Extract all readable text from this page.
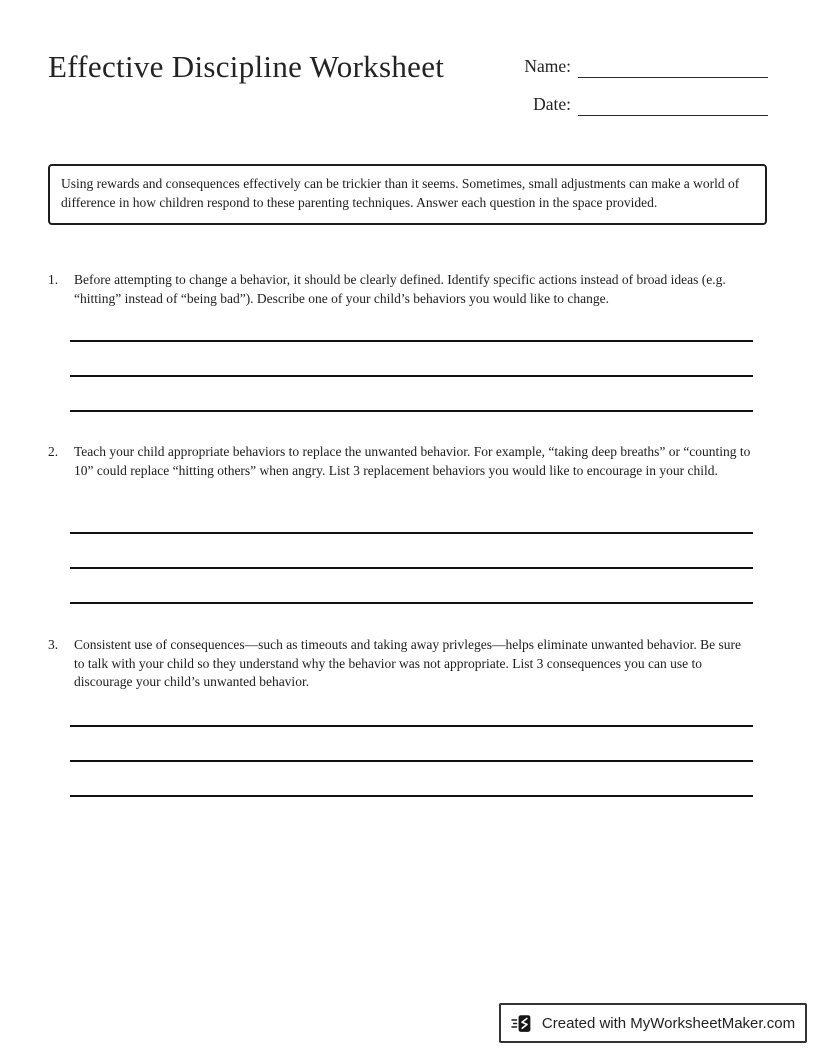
Effective Discipline Worksheet	Name:
Date:

Using rewards and consequences effectively can be trickier than it seems. Sometimes, small adjustments can make a world of difference in how children respond to these parenting techniques. Answer each question in the space provided.

1.	Before attempting to change a behavior, it should be clearly defined. Identify specific actions instead of broad ideas (e.g. “hitting” instead of “being bad”). Describe one of your child’s behaviors you would like to change.

2.	Teach your child appropriate behaviors to replace the unwanted behavior. For example, “taking deep breaths” or “counting to 10” could replace “hitting others” when angry. List 3 replacement behaviors you would like to encourage in your child.

3.	Consistent use of consequences—such as timeouts and taking away privleges—helps eliminate unwanted behavior. Be sure to talk with your child so they understand why the behavior was not appropriate. List 3 consequences you can use to discourage your child’s unwanted behavior.

Created with MyWorksheetMaker.com
